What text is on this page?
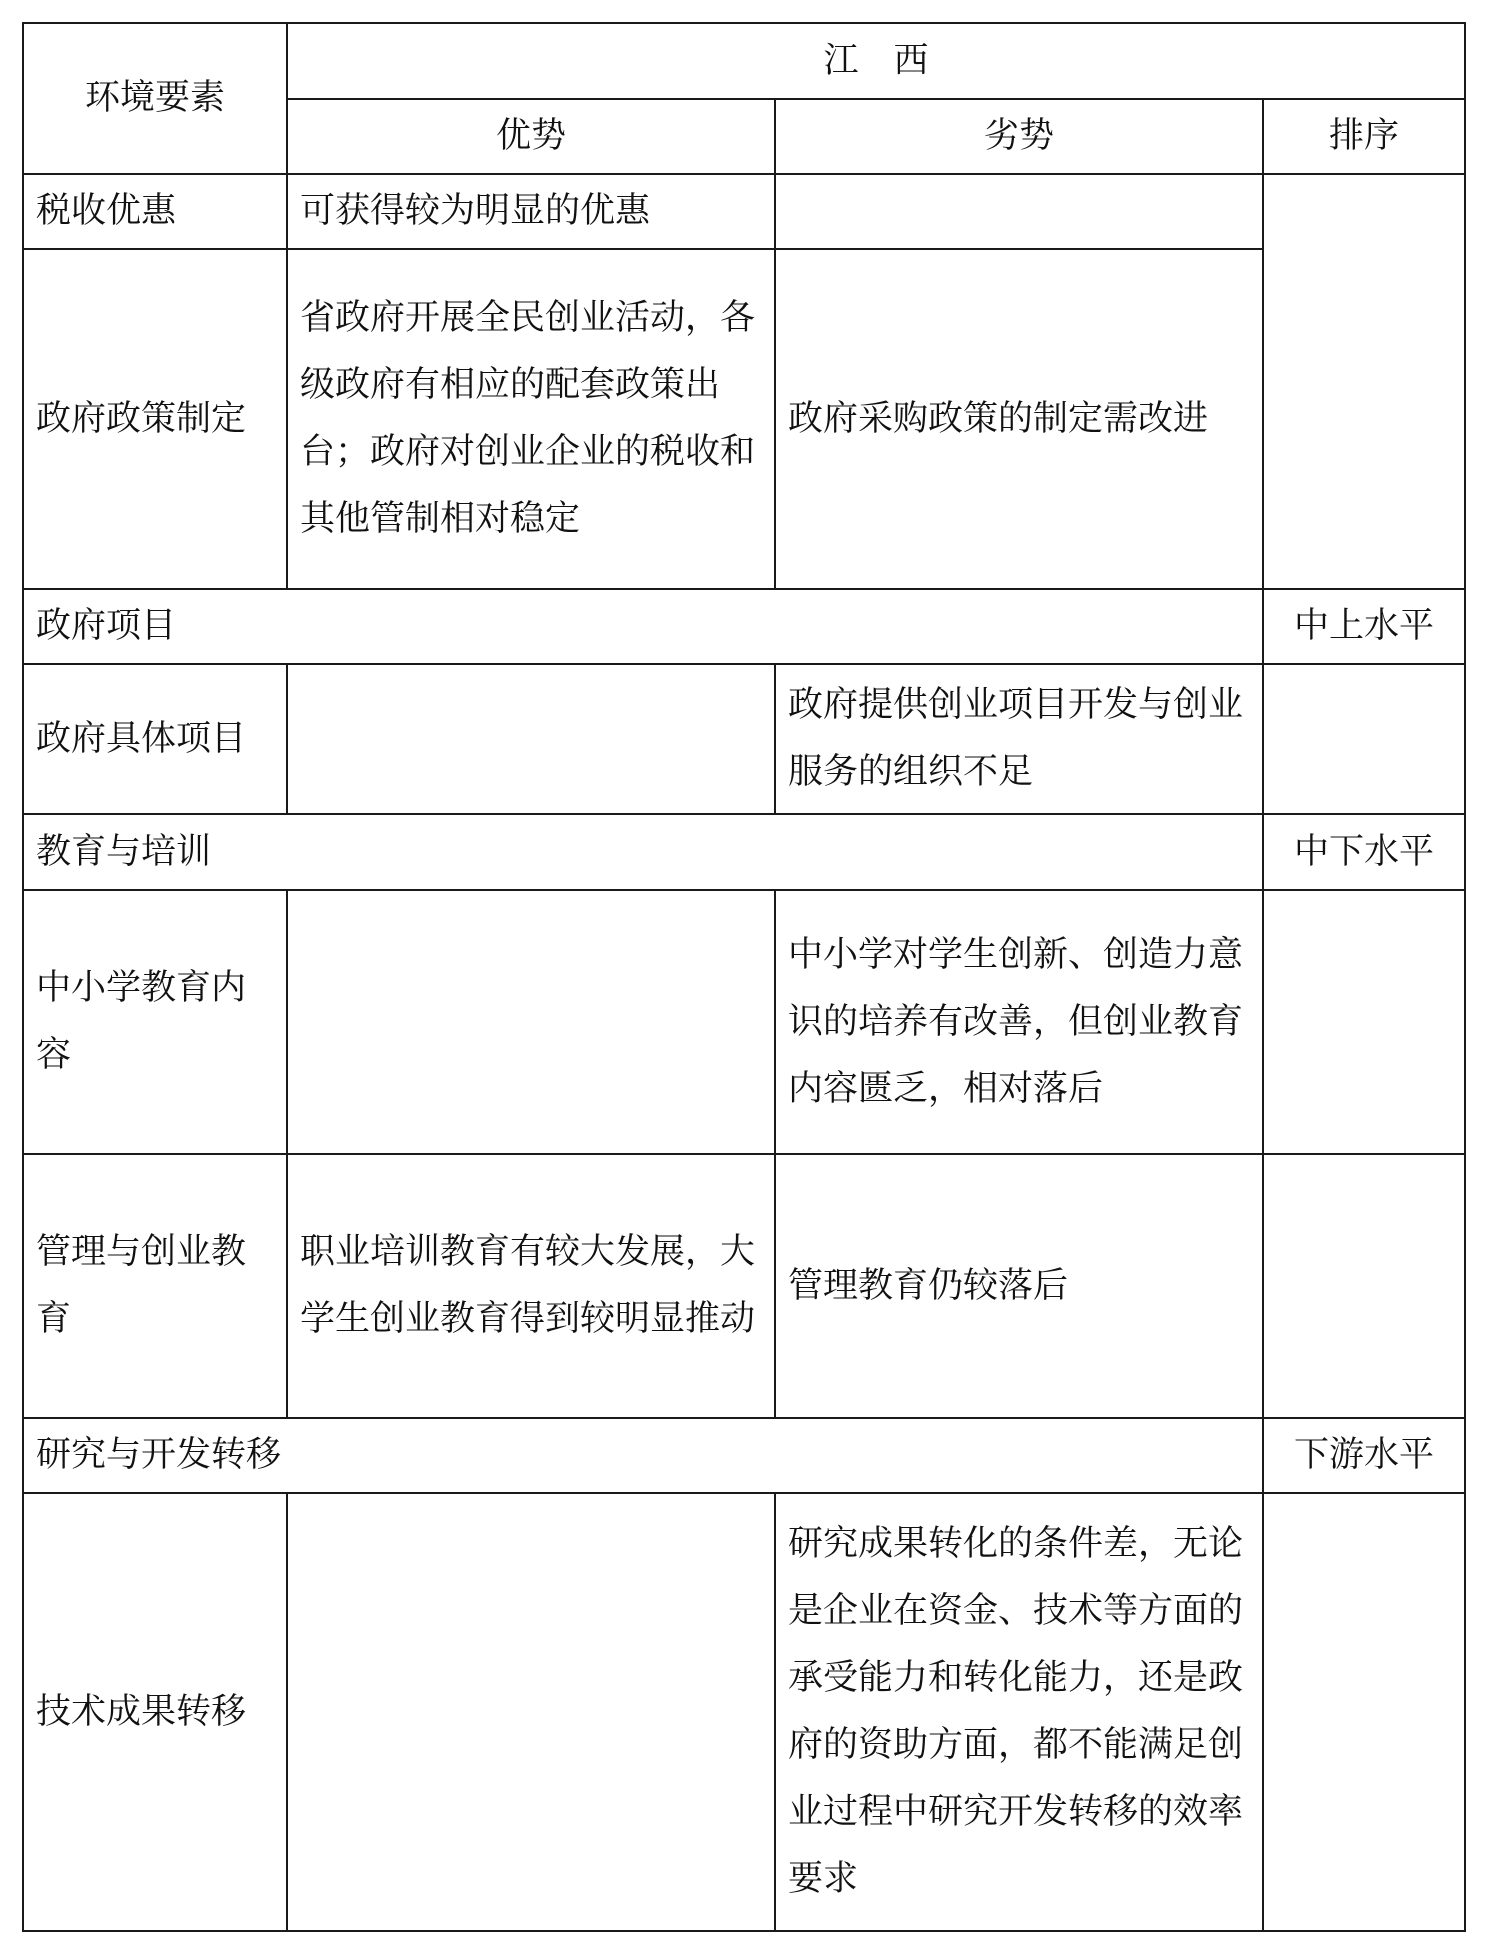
环境要素	江　西		
	优势	劣势	排序
税收优惠	可获得较为明显的优惠		
政府政策制定	省政府开展全民创业活动，各级政府有相应的配套政策出台；政府对创业企业的税收和其他管制相对稳定	政府采购政策的制定需改进	
政府项目			中上水平
政府具体项目		政府提供创业项目开发与创业服务的组织不足	
教育与培训			中下水平
中小学教育内容		中小学对学生创新、创造力意识的培养有改善，但创业教育内容匮乏，相对落后	
管理与创业教育	职业培训教育有较大发展，大学生创业教育得到较明显推动	管理教育仍较落后	
研究与开发转移			下游水平
技术成果转移		研究成果转化的条件差，无论是企业在资金、技术等方面的承受能力和转化能力，还是政府的资助方面，都不能满足创业过程中研究开发转移的效率要求	
